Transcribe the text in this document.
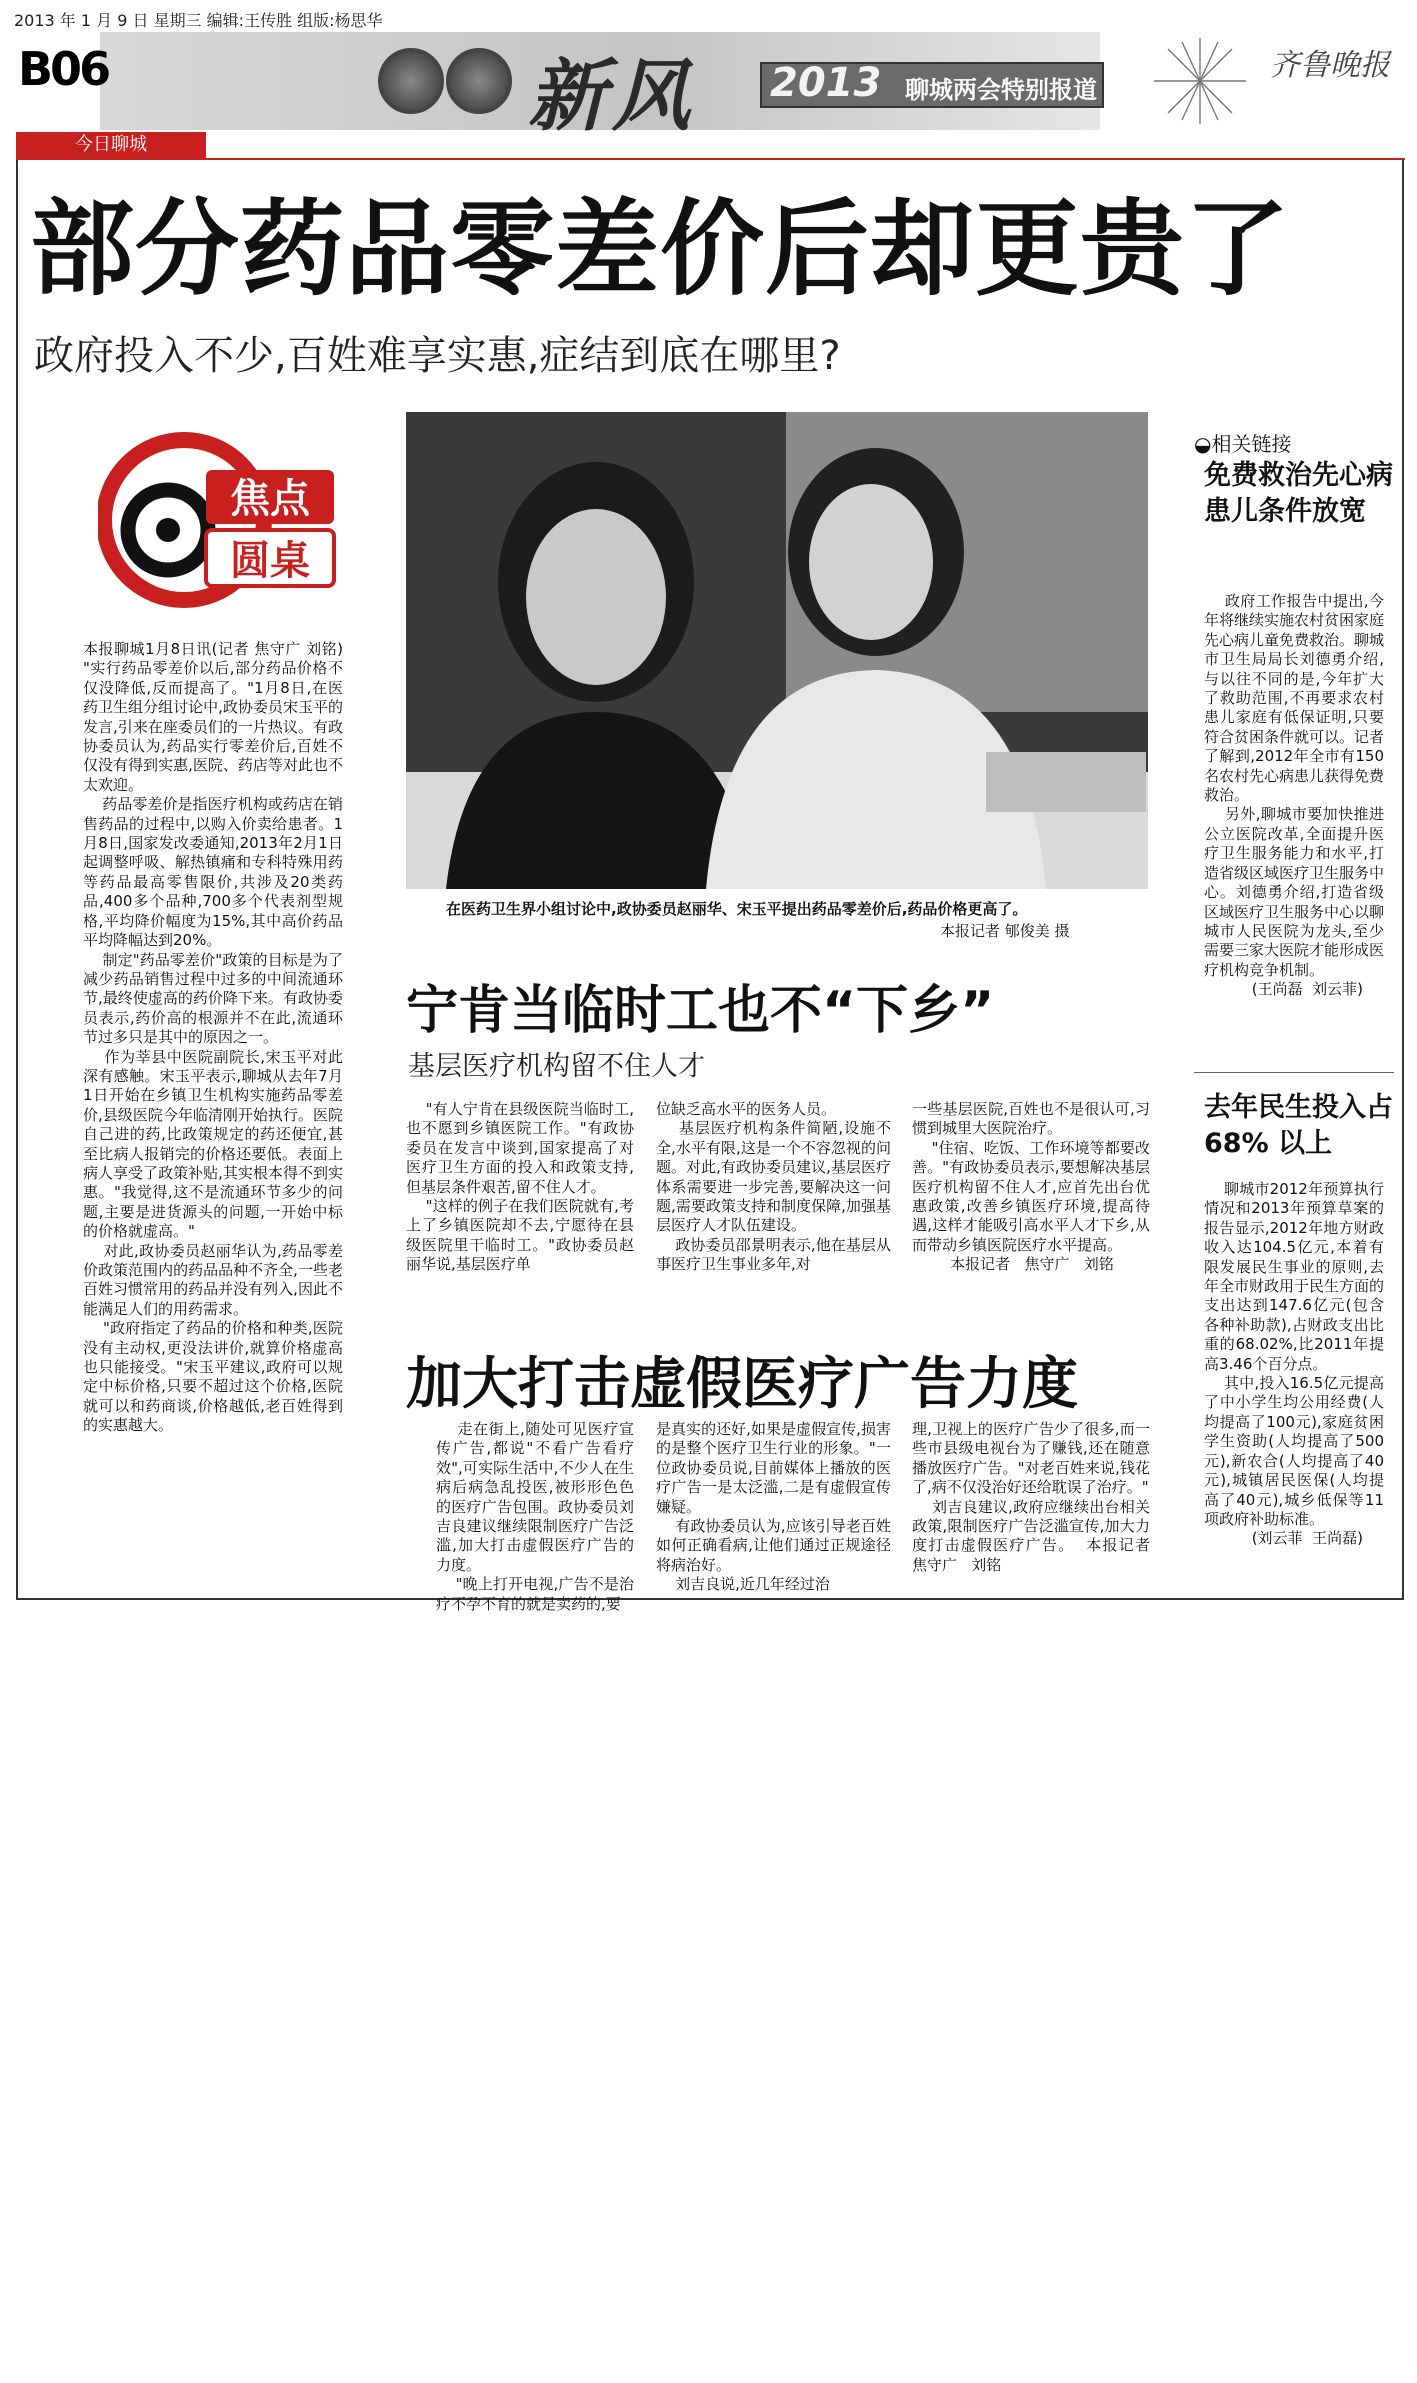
2013 年 1 月 9 日 星期三 编辑:王传胜 组版:杨思华
B06	新风 2013 聊城两会特别报道
齐鲁晚报
今日聊城
部分药品零差价后却更贵了
政府投入不少,百姓难享实惠,症结到底在哪里?
焦点
圆桌
本报聊城1月8日讯(记者 焦守广 刘铭) "实行药品零差价以后,部分药品价格不仅没降低,反而提高了。"1月8日,在医药卫生组分组讨论中,政协委员宋玉平的发言,引来在座委员们的一片热议。有政协委员认为,药品实行零差价后,百姓不仅没有得到实惠,医院、药店等对此也不太欢迎。
药品零差价是指医疗机构或药店在销售药品的过程中,以购入价卖给患者。1月8日,国家发改委通知,2013年2月1日起调整呼吸、解热镇痛和专科特殊用药等药品最高零售限价,共涉及20类药品,400多个品种,700多个代表剂型规格,平均降价幅度为15%,其中高价药品平均降幅达到20%。
制定"药品零差价"政策的目标是为了减少药品销售过程中过多的中间流通环节,最终使虚高的药价降下来。有政协委员表示,药价高的根源并不在此,流通环节过多只是其中的原因之一。
作为莘县中医院副院长,宋玉平对此深有感触。宋玉平表示,聊城从去年7月1日开始在乡镇卫生机构实施药品零差价,县级医院今年临清刚开始执行。医院自己进的药,比政策规定的药还便宜,甚至比病人报销完的价格还要低。表面上病人享受了政策补贴,其实根本得不到实惠。"我觉得,这不是流通环节多少的问题,主要是进货源头的问题,一开始中标的价格就虚高。"
对此,政协委员赵丽华认为,药品零差价政策范围内的药品品种不齐全,一些老百姓习惯常用的药品并没有列入,因此不能满足人们的用药需求。
"政府指定了药品的价格和种类,医院没有主动权,更没法讲价,就算价格虚高也只能接受。"宋玉平建议,政府可以规定中标价格,只要不超过这个价格,医院就可以和药商谈,价格越低,老百姓得到的实惠越大。
在医药卫生界小组讨论中,政协委员赵丽华、宋玉平提出药品零差价后,药品价格更高了。
本报记者 郇俊美 摄
宁肯当临时工也不“下乡”
基层医疗机构留不住人才
"有人宁肯在县级医院当临时工,也不愿到乡镇医院工作。"有政协委员在发言中谈到,国家提高了对医疗卫生方面的投入和政策支持,但基层条件艰苦,留不住人才。
"这样的例子在我们医院就有,考上了乡镇医院却不去,宁愿待在县级医院里干临时工。"政协委员赵丽华说,基层医疗单
位缺乏高水平的医务人员。
基层医疗机构条件简陋,设施不全,水平有限,这是一个不容忽视的问题。对此,有政协委员建议,基层医疗体系需要进一步完善,要解决这一问题,需要政策支持和制度保障,加强基层医疗人才队伍建设。
政协委员邵景明表示,他在基层从事医疗卫生事业多年,对
一些基层医院,百姓也不是很认可,习惯到城里大医院治疗。
"住宿、吃饭、工作环境等都要改善。"有政协委员表示,要想解决基层医疗机构留不住人才,应首先出台优惠政策,改善乡镇医疗环境,提高待遇,这样才能吸引高水平人才下乡,从而带动乡镇医院医疗水平提高。
本报记者   焦守广   刘铭
加大打击虚假医疗广告力度
走在街上,随处可见医疗宣传广告,都说"不看广告看疗效",可实际生活中,不少人在生病后病急乱投医,被形形色色的医疗广告包围。政协委员刘吉良建议继续限制医疗广告泛滥,加大打击虚假医疗广告的力度。
"晚上打开电视,广告不是治疗不孕不育的就是卖药的,要
是真实的还好,如果是虚假宣传,损害的是整个医疗卫生行业的形象。"一位政协委员说,目前媒体上播放的医疗广告一是太泛滥,二是有虚假宣传嫌疑。
有政协委员认为,应该引导老百姓如何正确看病,让他们通过正规途径将病治好。
刘吉良说,近几年经过治
理,卫视上的医疗广告少了很多,而一些市县级电视台为了赚钱,还在随意播放医疗广告。"对老百姓来说,钱花了,病不仅没治好还给耽误了治疗。"
刘吉良建议,政府应继续出台相关政策,限制医疗广告泛滥宣传,加大力度打击虚假医疗广告。  本报记者   焦守广   刘铭
◒相关链接
免费救治先心病患儿条件放宽
政府工作报告中提出,今年将继续实施农村贫困家庭先心病儿童免费救治。聊城市卫生局局长刘德勇介绍,与以往不同的是,今年扩大了救助范围,不再要求农村患儿家庭有低保证明,只要符合贫困条件就可以。记者了解到,2012年全市有150名农村先心病患儿获得免费救治。
另外,聊城市要加快推进公立医院改革,全面提升医疗卫生服务能力和水平,打造省级区域医疗卫生服务中心。刘德勇介绍,打造省级区域医疗卫生服务中心以聊城市人民医院为龙头,至少需要三家大医院才能形成医疗机构竞争机制。
(王尚磊  刘云菲)
去年民生投入占 68% 以上
聊城市2012年预算执行情况和2013年预算草案的报告显示,2012年地方财政收入达104.5亿元,本着有限发展民生事业的原则,去年全市财政用于民生方面的支出达到147.6亿元(包含各种补助款),占财政支出比重的68.02%,比2011年提高3.46个百分点。
其中,投入16.5亿元提高了中小学生均公用经费(人均提高了100元),家庭贫困学生资助(人均提高了500元),新农合(人均提高了40元),城镇居民医保(人均提高了40元),城乡低保等11项政府补助标准。
(刘云菲  王尚磊)
